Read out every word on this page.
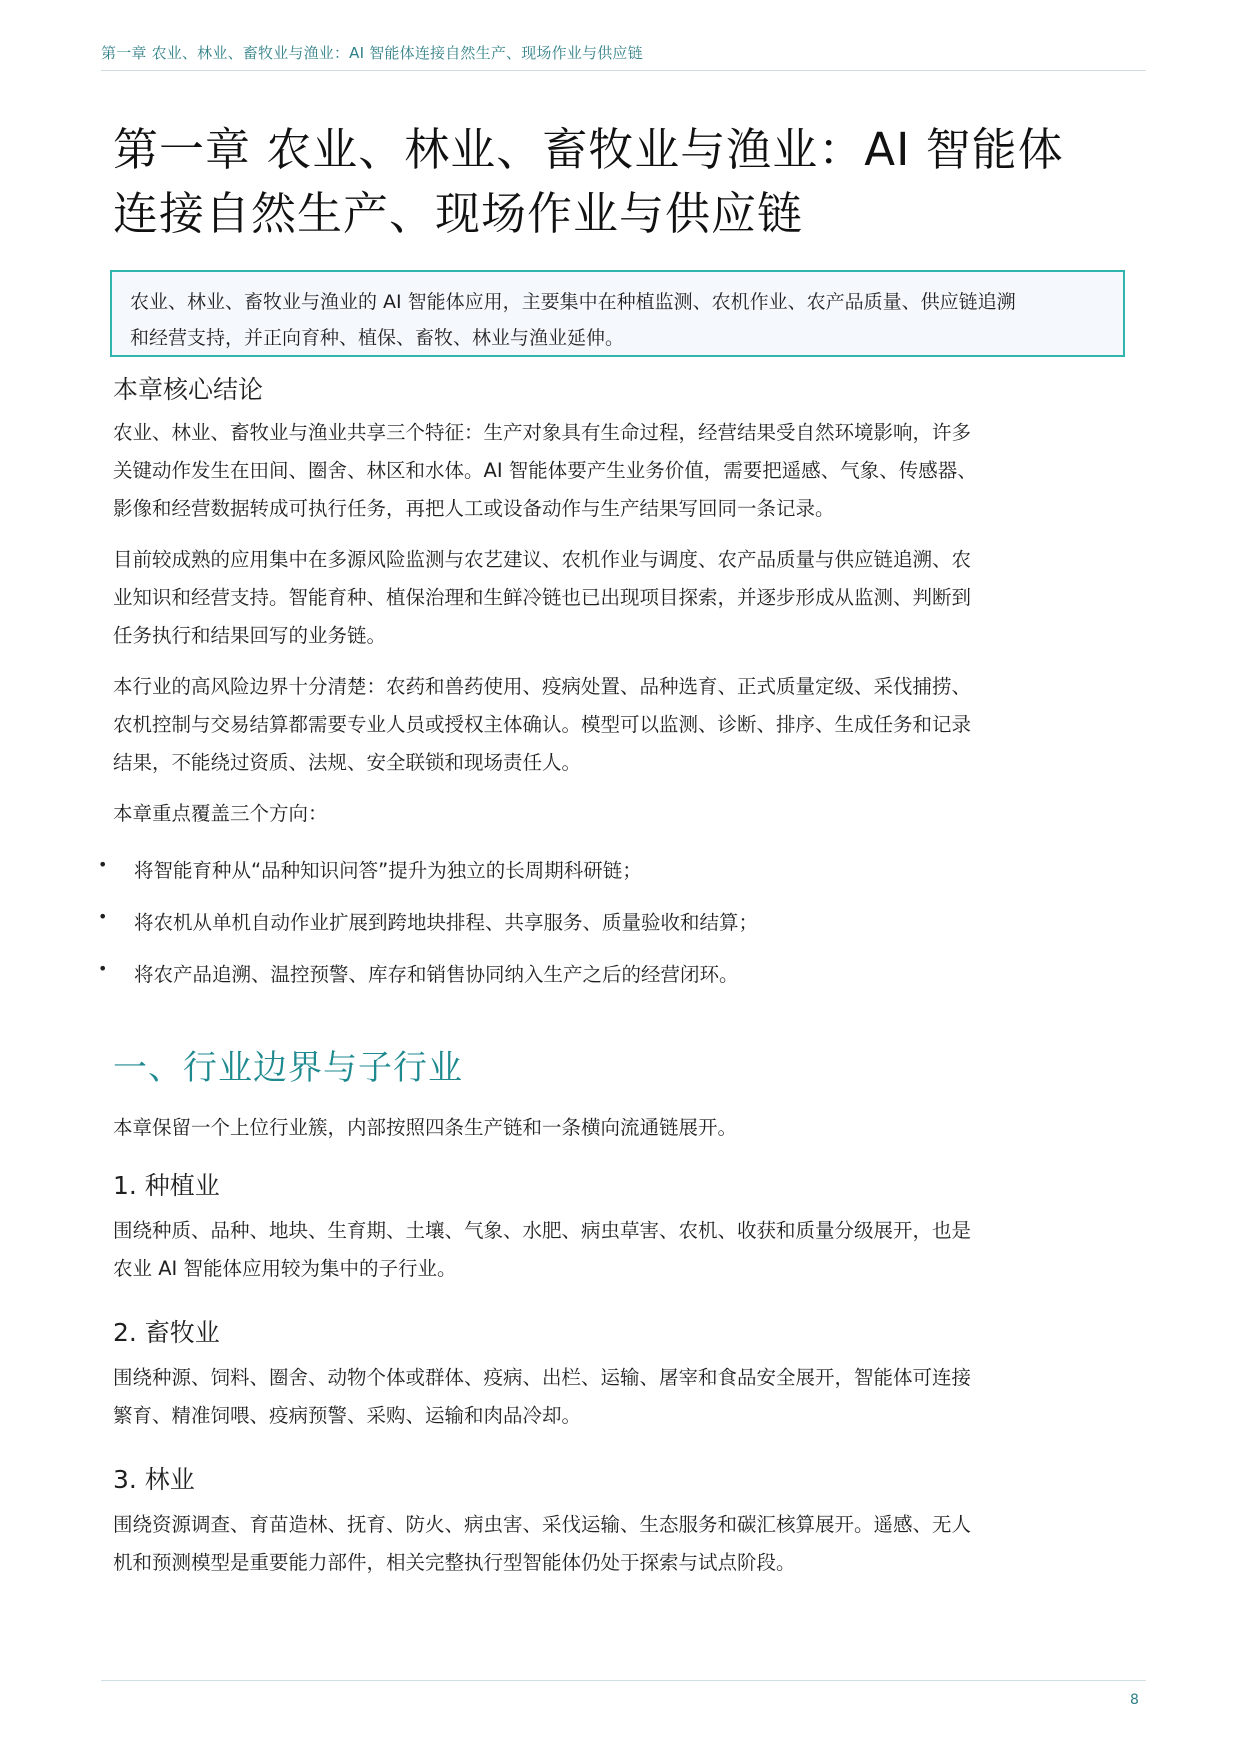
第一章 农业、林业、畜牧业与渔业：AI 智能体连接自然生产、现场作业与供应链
第一章 农业、林业、畜牧业与渔业：AI 智能体
连接自然生产、现场作业与供应链
农业、林业、畜牧业与渔业的 AI 智能体应用，主要集中在种植监测、农机作业、农产品质量、供应链追溯
和经营支持，并正向育种、植保、畜牧、林业与渔业延伸。
本章核心结论
农业、林业、畜牧业与渔业共享三个特征：生产对象具有生命过程，经营结果受自然环境影响，许多
关键动作发生在田间、圈舍、林区和水体。AI 智能体要产生业务价值，需要把遥感、气象、传感器、
影像和经营数据转成可执行任务，再把人工或设备动作与生产结果写回同一条记录。
目前较成熟的应用集中在多源风险监测与农艺建议、农机作业与调度、农产品质量与供应链追溯、农
业知识和经营支持。智能育种、植保治理和生鲜冷链也已出现项目探索，并逐步形成从监测、判断到
任务执行和结果回写的业务链。
本行业的高风险边界十分清楚：农药和兽药使用、疫病处置、品种选育、正式质量定级、采伐捕捞、
农机控制与交易结算都需要专业人员或授权主体确认。模型可以监测、诊断、排序、生成任务和记录
结果，不能绕过资质、法规、安全联锁和现场责任人。
本章重点覆盖三个方向：
• 将智能育种从“品种知识问答”提升为独立的长周期科研链；
• 将农机从单机自动作业扩展到跨地块排程、共享服务、质量验收和结算；
• 将农产品追溯、温控预警、库存和销售协同纳入生产之后的经营闭环。
一、行业边界与子行业
本章保留一个上位行业簇，内部按照四条生产链和一条横向流通链展开。
1. 种植业
围绕种质、品种、地块、生育期、土壤、气象、水肥、病虫草害、农机、收获和质量分级展开，也是
农业 AI 智能体应用较为集中的子行业。
2. 畜牧业
围绕种源、饲料、圈舍、动物个体或群体、疫病、出栏、运输、屠宰和食品安全展开，智能体可连接
繁育、精准饲喂、疫病预警、采购、运输和肉品冷却。
3. 林业
围绕资源调查、育苗造林、抚育、防火、病虫害、采伐运输、生态服务和碳汇核算展开。遥感、无人
机和预测模型是重要能力部件，相关完整执行型智能体仍处于探索与试点阶段。
8
